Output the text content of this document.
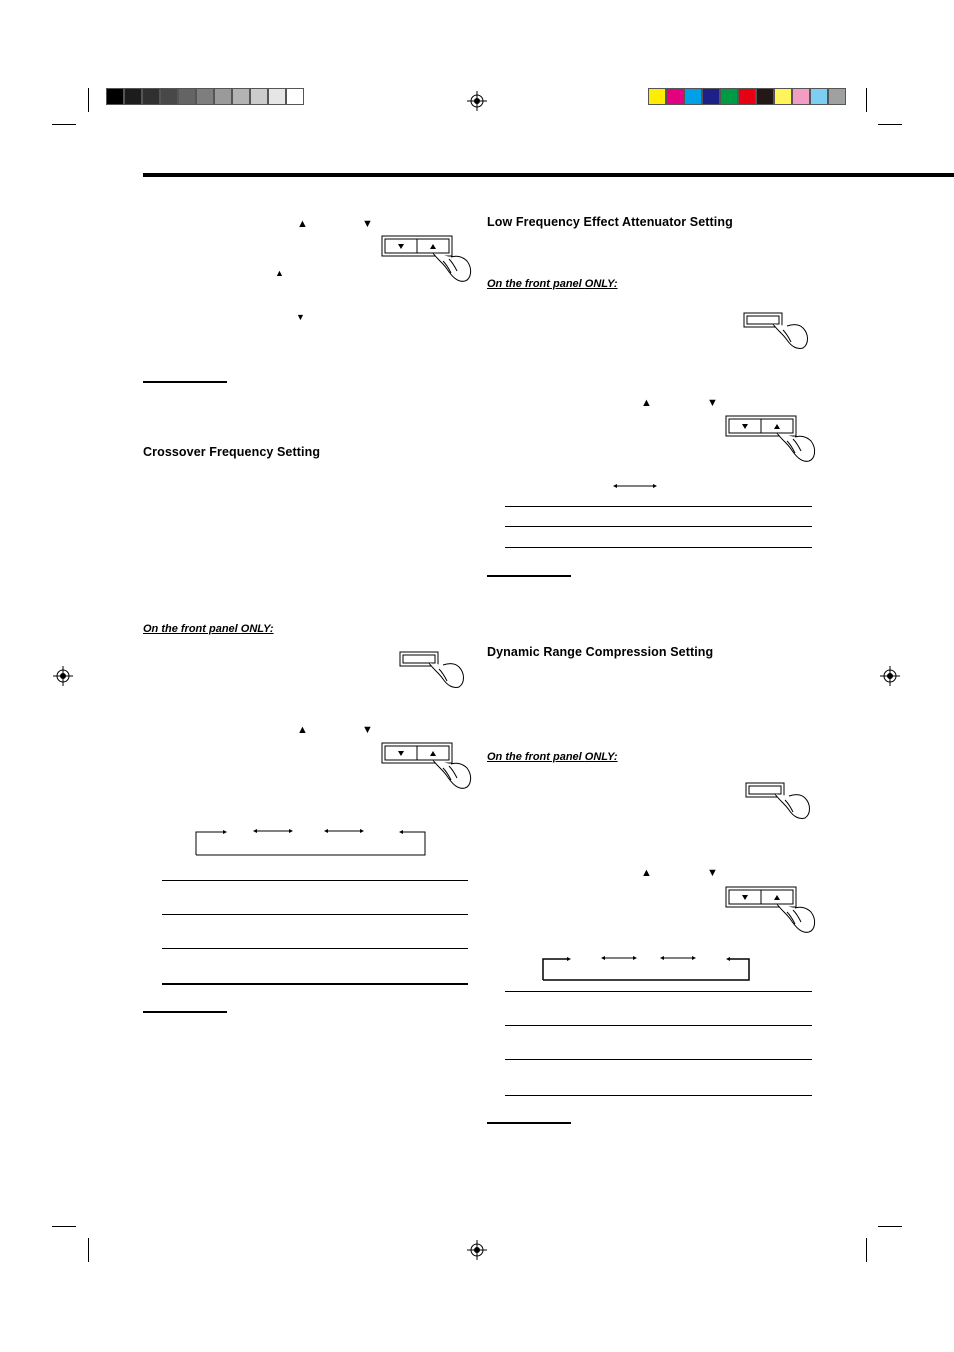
▲	▼
▲
▼
Crossover Frequency Setting
On the front panel ONLY:
▲	▼
Low Frequency Effect Attenuator Setting
On the front panel ONLY:
▲	▼
Dynamic Range Compression Setting
On the front panel ONLY:
▲	▼
